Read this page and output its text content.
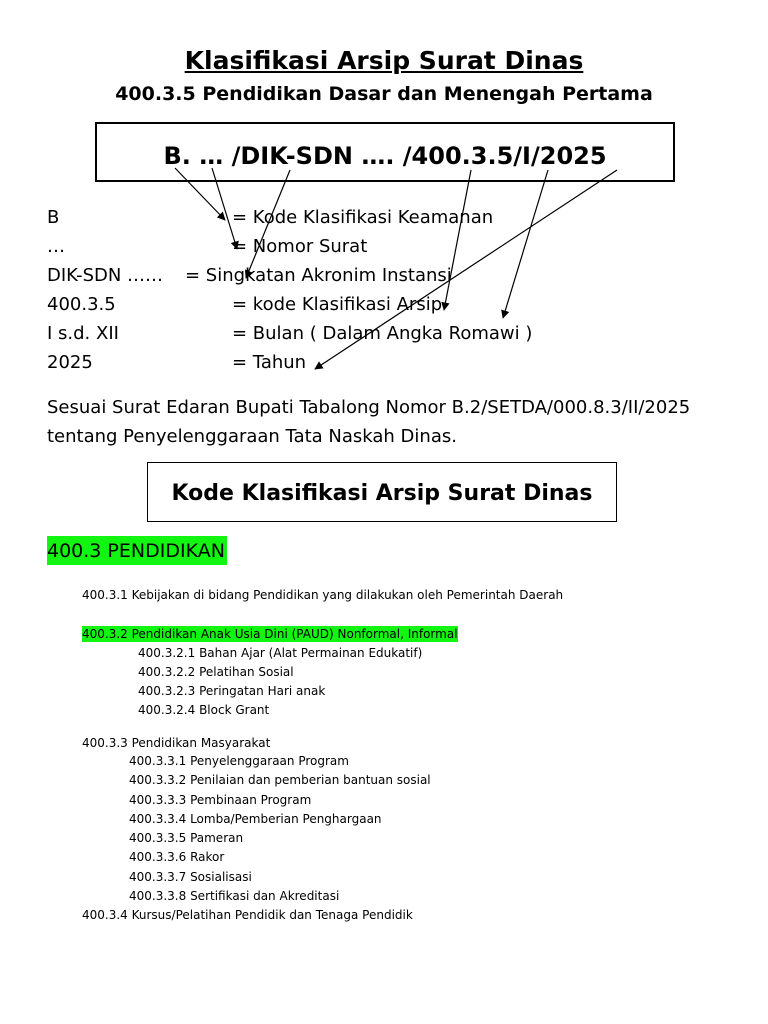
Klasifikasi Arsip Surat Dinas
400.3.5 Pendidikan Dasar dan Menengah Pertama
B. … /DIK-SDN …. /400.3.5/I/2025
B	= Kode Klasifikasi Keamanan
…	= Nomor Surat
DIK-SDN …… = Singkatan Akronim Instansi
400.3.5	= kode Klasifikasi Arsip
I s.d. XII	= Bulan ( Dalam Angka Romawi )
2025	= Tahun
Sesuai Surat Edaran Bupati Tabalong Nomor B.2/SETDA/000.8.3/II/2025 tentang Penyelenggaraan Tata Naskah Dinas.
Kode Klasifikasi Arsip Surat Dinas
400.3 PENDIDIKAN
400.3.1 Kebijakan di bidang Pendidikan yang dilakukan oleh Pemerintah Daerah
400.3.2 Pendidikan Anak Usia Dini (PAUD) Nonformal, Informal
400.3.2.1 Bahan Ajar (Alat Permainan Edukatif)
400.3.2.2 Pelatihan Sosial
400.3.2.3 Peringatan Hari anak
400.3.2.4 Block Grant
400.3.3 Pendidikan Masyarakat
400.3.3.1 Penyelenggaraan Program
400.3.3.2 Penilaian dan pemberian bantuan sosial
400.3.3.3 Pembinaan Program
400.3.3.4 Lomba/Pemberian Penghargaan
400.3.3.5 Pameran
400.3.3.6 Rakor
400.3.3.7 Sosialisasi
400.3.3.8 Sertifikasi dan Akreditasi
400.3.4 Kursus/Pelatihan Pendidik dan Tenaga Pendidik
